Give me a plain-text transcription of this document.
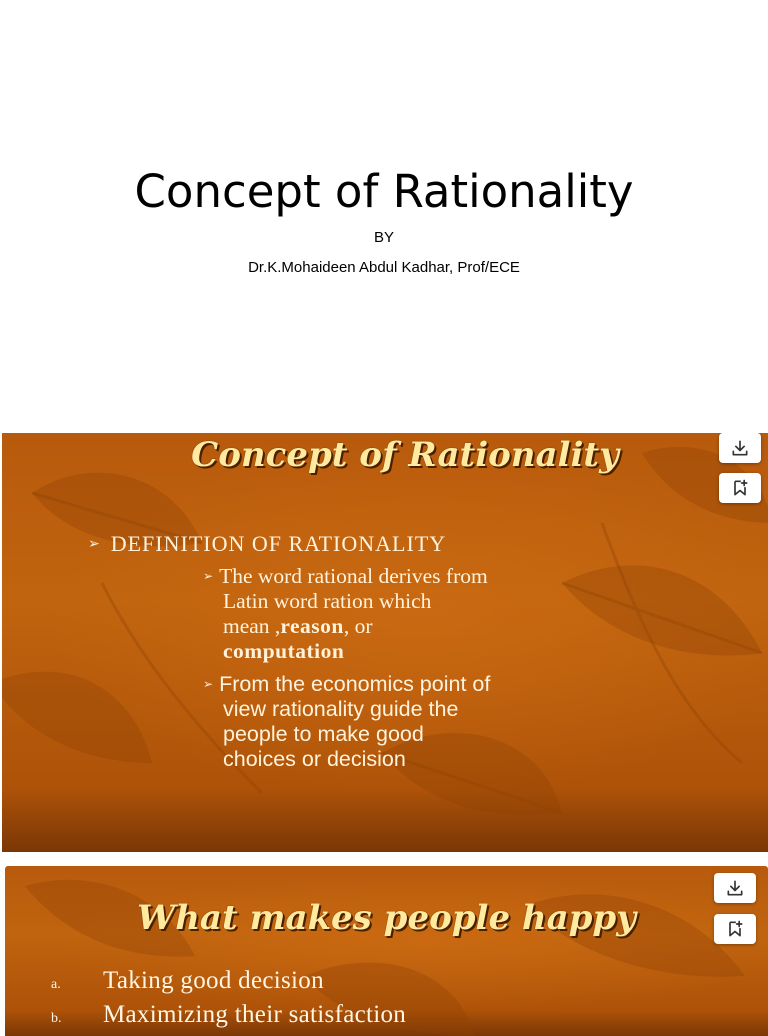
Concept of Rationality
BY
Dr.K.Mohaideen Abdul Kadhar, Prof/ECE
Concept of Rationality
➢ DEFINITION OF RATIONALITY
➢ The word rational derives from
Latin word ration which
mean ,reason, or
computation
➢ From the economics point of
view rationality guide the
people to make good
choices or decision
What makes people happy
a. Taking good decision
b. Maximizing their satisfaction
